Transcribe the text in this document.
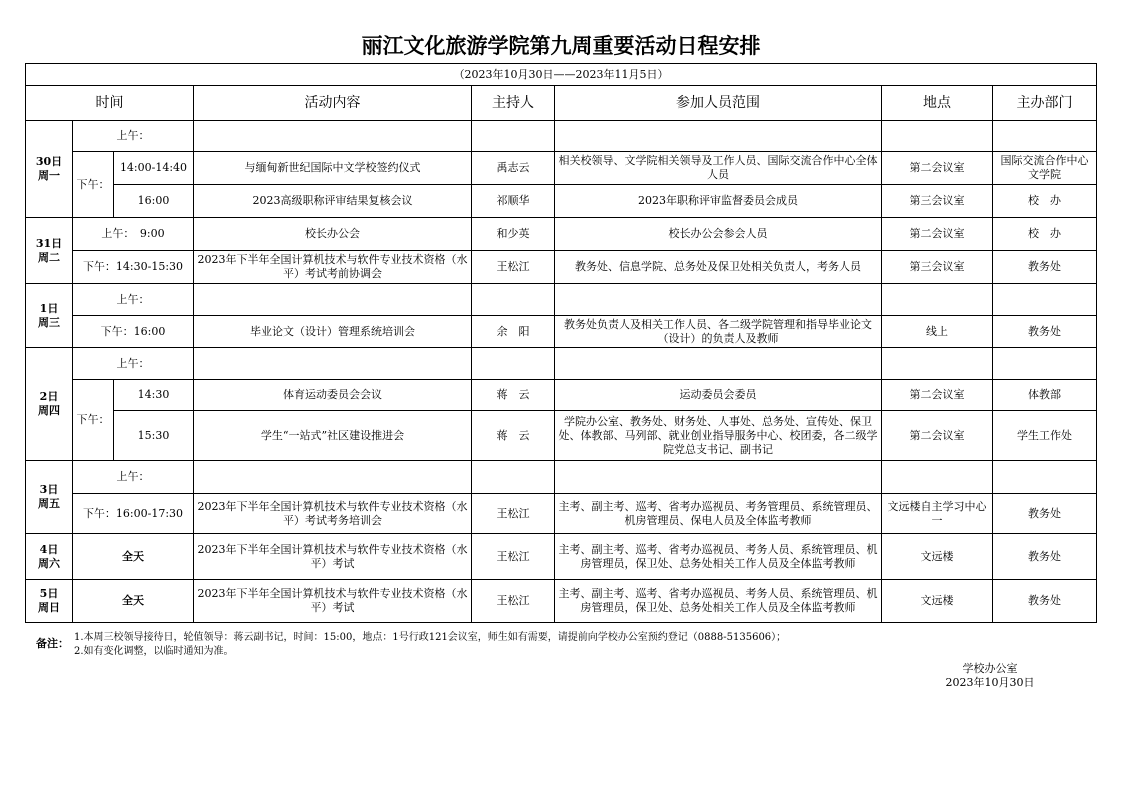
丽江文化旅游学院第九周重要活动日程安排
（2023年10月30日——2023年11月5日）							
时间			活动内容	主持人	参加人员范围	地点	主办部门
30日
周一	上午：						
	下午：	14:00-14:40	与缅甸新世纪国际中文学校签约仪式	禹志云	相关校领导、文学院相关领导及工作人员、国际交流合作中心全体人员	第二会议室	国际交流合作中心 文学院
		16:00	2023高级职称评审结果复核会议	祁顺华	2023年职称评审监督委员会成员	第三会议室	校　办
31日
周二	上午：　9:00		校长办公会	和少英	校长办公会参会人员	第二会议室	校　办
	下午：14:30-15:30		2023年下半年全国计算机技术与软件专业技术资格（水平）考试考前协调会	王松江	教务处、信息学院、总务处及保卫处相关负责人，考务人员	第三会议室	教务处
1日
周三	上午：						
	下午：16:00		毕业论文（设计）管理系统培训会	余　阳	教务处负责人及相关工作人员、各二级学院管理和指导毕业论文（设计）的负责人及教师	线上	教务处
2日
周四	上午：						
	下午：	14:30	体育运动委员会会议	蒋　云	运动委员会委员	第二会议室	体教部
		15:30	学生“一站式”社区建设推进会	蒋　云	学院办公室、教务处、财务处、人事处、总务处、宣传处、保卫处、体教部、马列部、就业创业指导服务中心、校团委，各二级学院党总支书记、副书记	第二会议室	学生工作处
3日
周五	上午：						
	下午：16:00-17:30		2023年下半年全国计算机技术与软件专业技术资格（水平）考试考务培训会	王松江	主考、副主考、巡考、省考办巡视员、考务管理员、系统管理员、机房管理员、保电人员及全体监考教师	文远楼自主学习中心一	教务处
4日
周六	全天		2023年下半年全国计算机技术与软件专业技术资格（水平）考试	王松江	主考、副主考、巡考、省考办巡视员、考务人员、系统管理员、机房管理员，保卫处、总务处相关工作人员及全体监考教师	文远楼	教务处
5日
周日	全天		2023年下半年全国计算机技术与软件专业技术资格（水平）考试	王松江	主考、副主考、巡考、省考办巡视员、考务人员、系统管理员、机房管理员，保卫处、总务处相关工作人员及全体监考教师	文远楼	教务处
备注： 1.本周三校领导接待日，轮值领导：蒋云副书记，时间：15:00，地点：1号行政121会议室，师生如有需要，请提前向学校办公室预约登记（0888-5135606）；
2.如有变化调整，以临时通知为准。
学校办公室
2023年10月30日
